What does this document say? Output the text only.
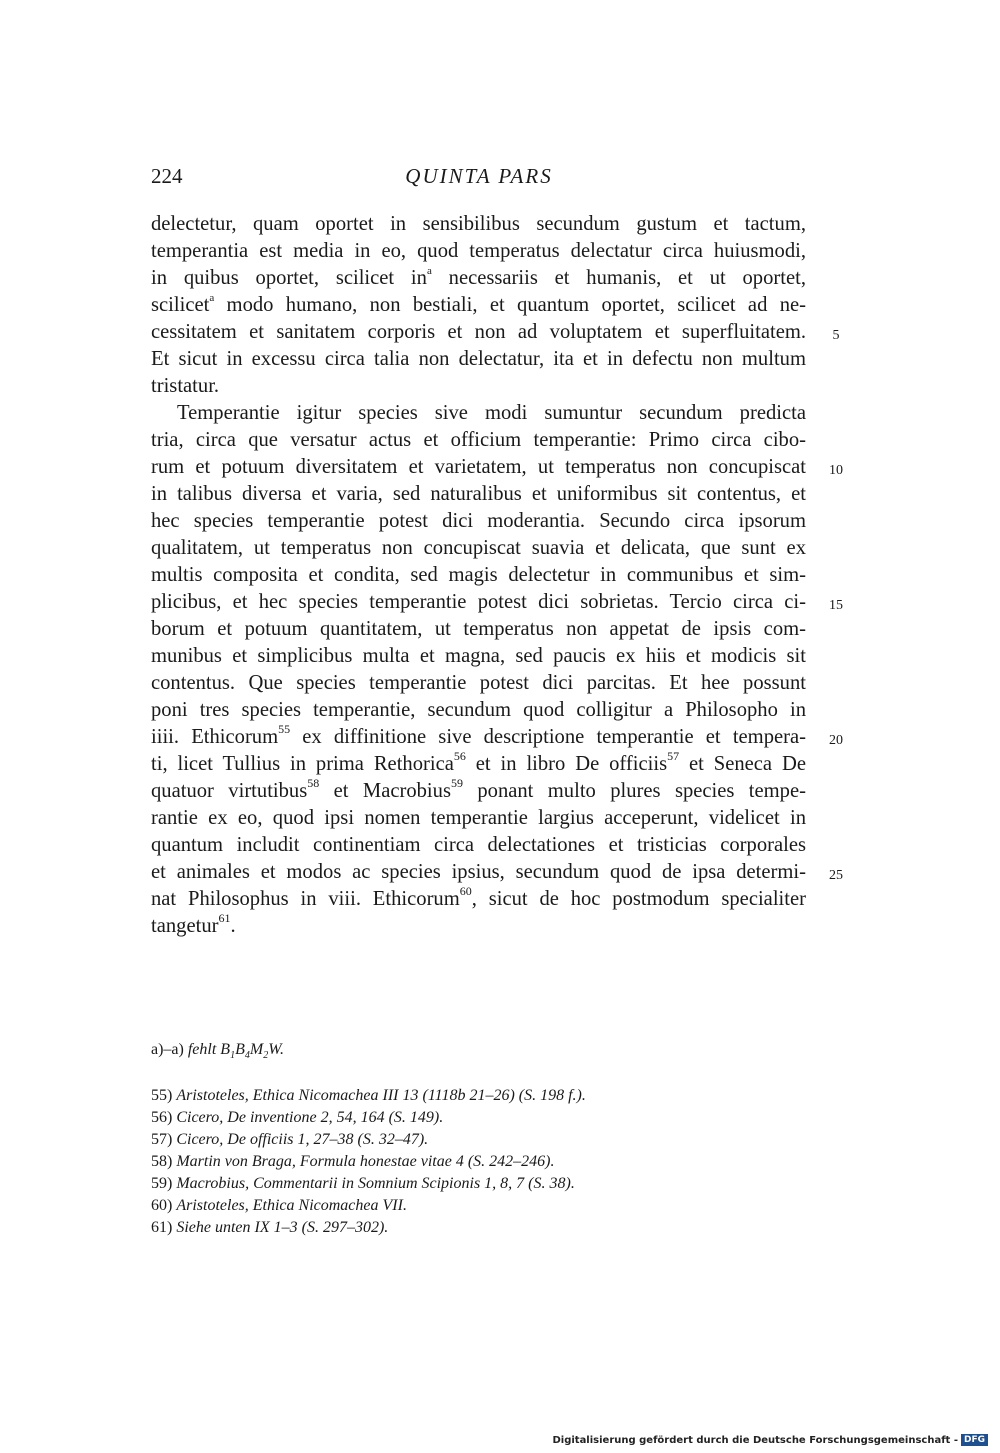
224	QUINTA PARS
delectetur, quam oportet in sensibilibus secundum gustum et tactum,
temperantia est media in eo, quod temperatus delectatur circa huiusmodi,
in quibus oportet, scilicet $in^a$ necessariis et humanis, et ut oportet,
scilicet$^a$ modo humano, non bestiali, et quantum oportet, scilicet ad ne-
cessitatem et sanitatem corporis et non ad voluptatem et superfluitatem.
Et sicut in excessu circa talia non delectatur, ita et in defectu non multum
tristatur.
Temperantie igitur species sive modi sumuntur secundum predicta
tria, circa que versatur actus et officium temperantie: Primo circa cibo-
rum et potuum diversitatem et varietatem, ut temperatus non concupiscat
in talibus diversa et varia, sed naturalibus et uniformibus sit contentus, et
hec species temperantie potest dici moderantia. Secundo circa ipsorum
qualitatem, ut temperatus non concupiscat suavia et delicata, que sunt ex
multis composita et condita, sed magis delectetur in communibus et sim-
plicibus, et hec species temperantie potest dici sobrietas. Tercio circa ci-
borum et potuum quantitatem, ut temperatus non appetat de ipsis com-
munibus et simplicibus multa et magna, sed paucis ex hiis et modicis sit
contentus. Que species temperantie potest dici parcitas. Et hee possunt
poni tres species temperantie, secundum quod colligitur a Philosopho in
iiii. Ethicorum$^{55}$ ex diffinitione sive descriptione temperantie et tempera-
ti, licet Tullius in prima Rethorica$^{56}$ et in libro De officiis$^{57}$ et Seneca De
quatuor virtutibus$^{58}$ et Macrobius$^{59}$ ponant multo plures species tempe-
rantie ex eo, quod ipsi nomen temperantie largius acceperunt, videlicet in
quantum includit continentiam circa delectationes et tristicias corporales
et animales et modos ac species ipsius, secundum quod de ipsa determi-
nat Philosophus in viii. Ethicorum$^{60}$, sicut de hoc postmodum specialiter
tangetur$^{61}$.
5
10
15
20
25
a)–a) fehlt $B_1B_4M_2W$.
55) Aristoteles, Ethica Nicomachea III 13 (1118b 21–26) (S. 198 f.).
56) Cicero, De inventione 2, 54, 164 (S. 149).
57) Cicero, De officiis 1, 27–38 (S. 32–47).
58) Martin von Braga, Formula honestae vitae 4 (S. 242–246).
59) Macrobius, Commentarii in Somnium Scipionis 1, 8, 7 (S. 38).
60) Aristoteles, Ethica Nicomachea VII.
61) Siehe unten IX 1–3 (S. 297–302).
Digitalisierung gefördert durch die Deutsche Forschungsgemeinschaft - DFG
